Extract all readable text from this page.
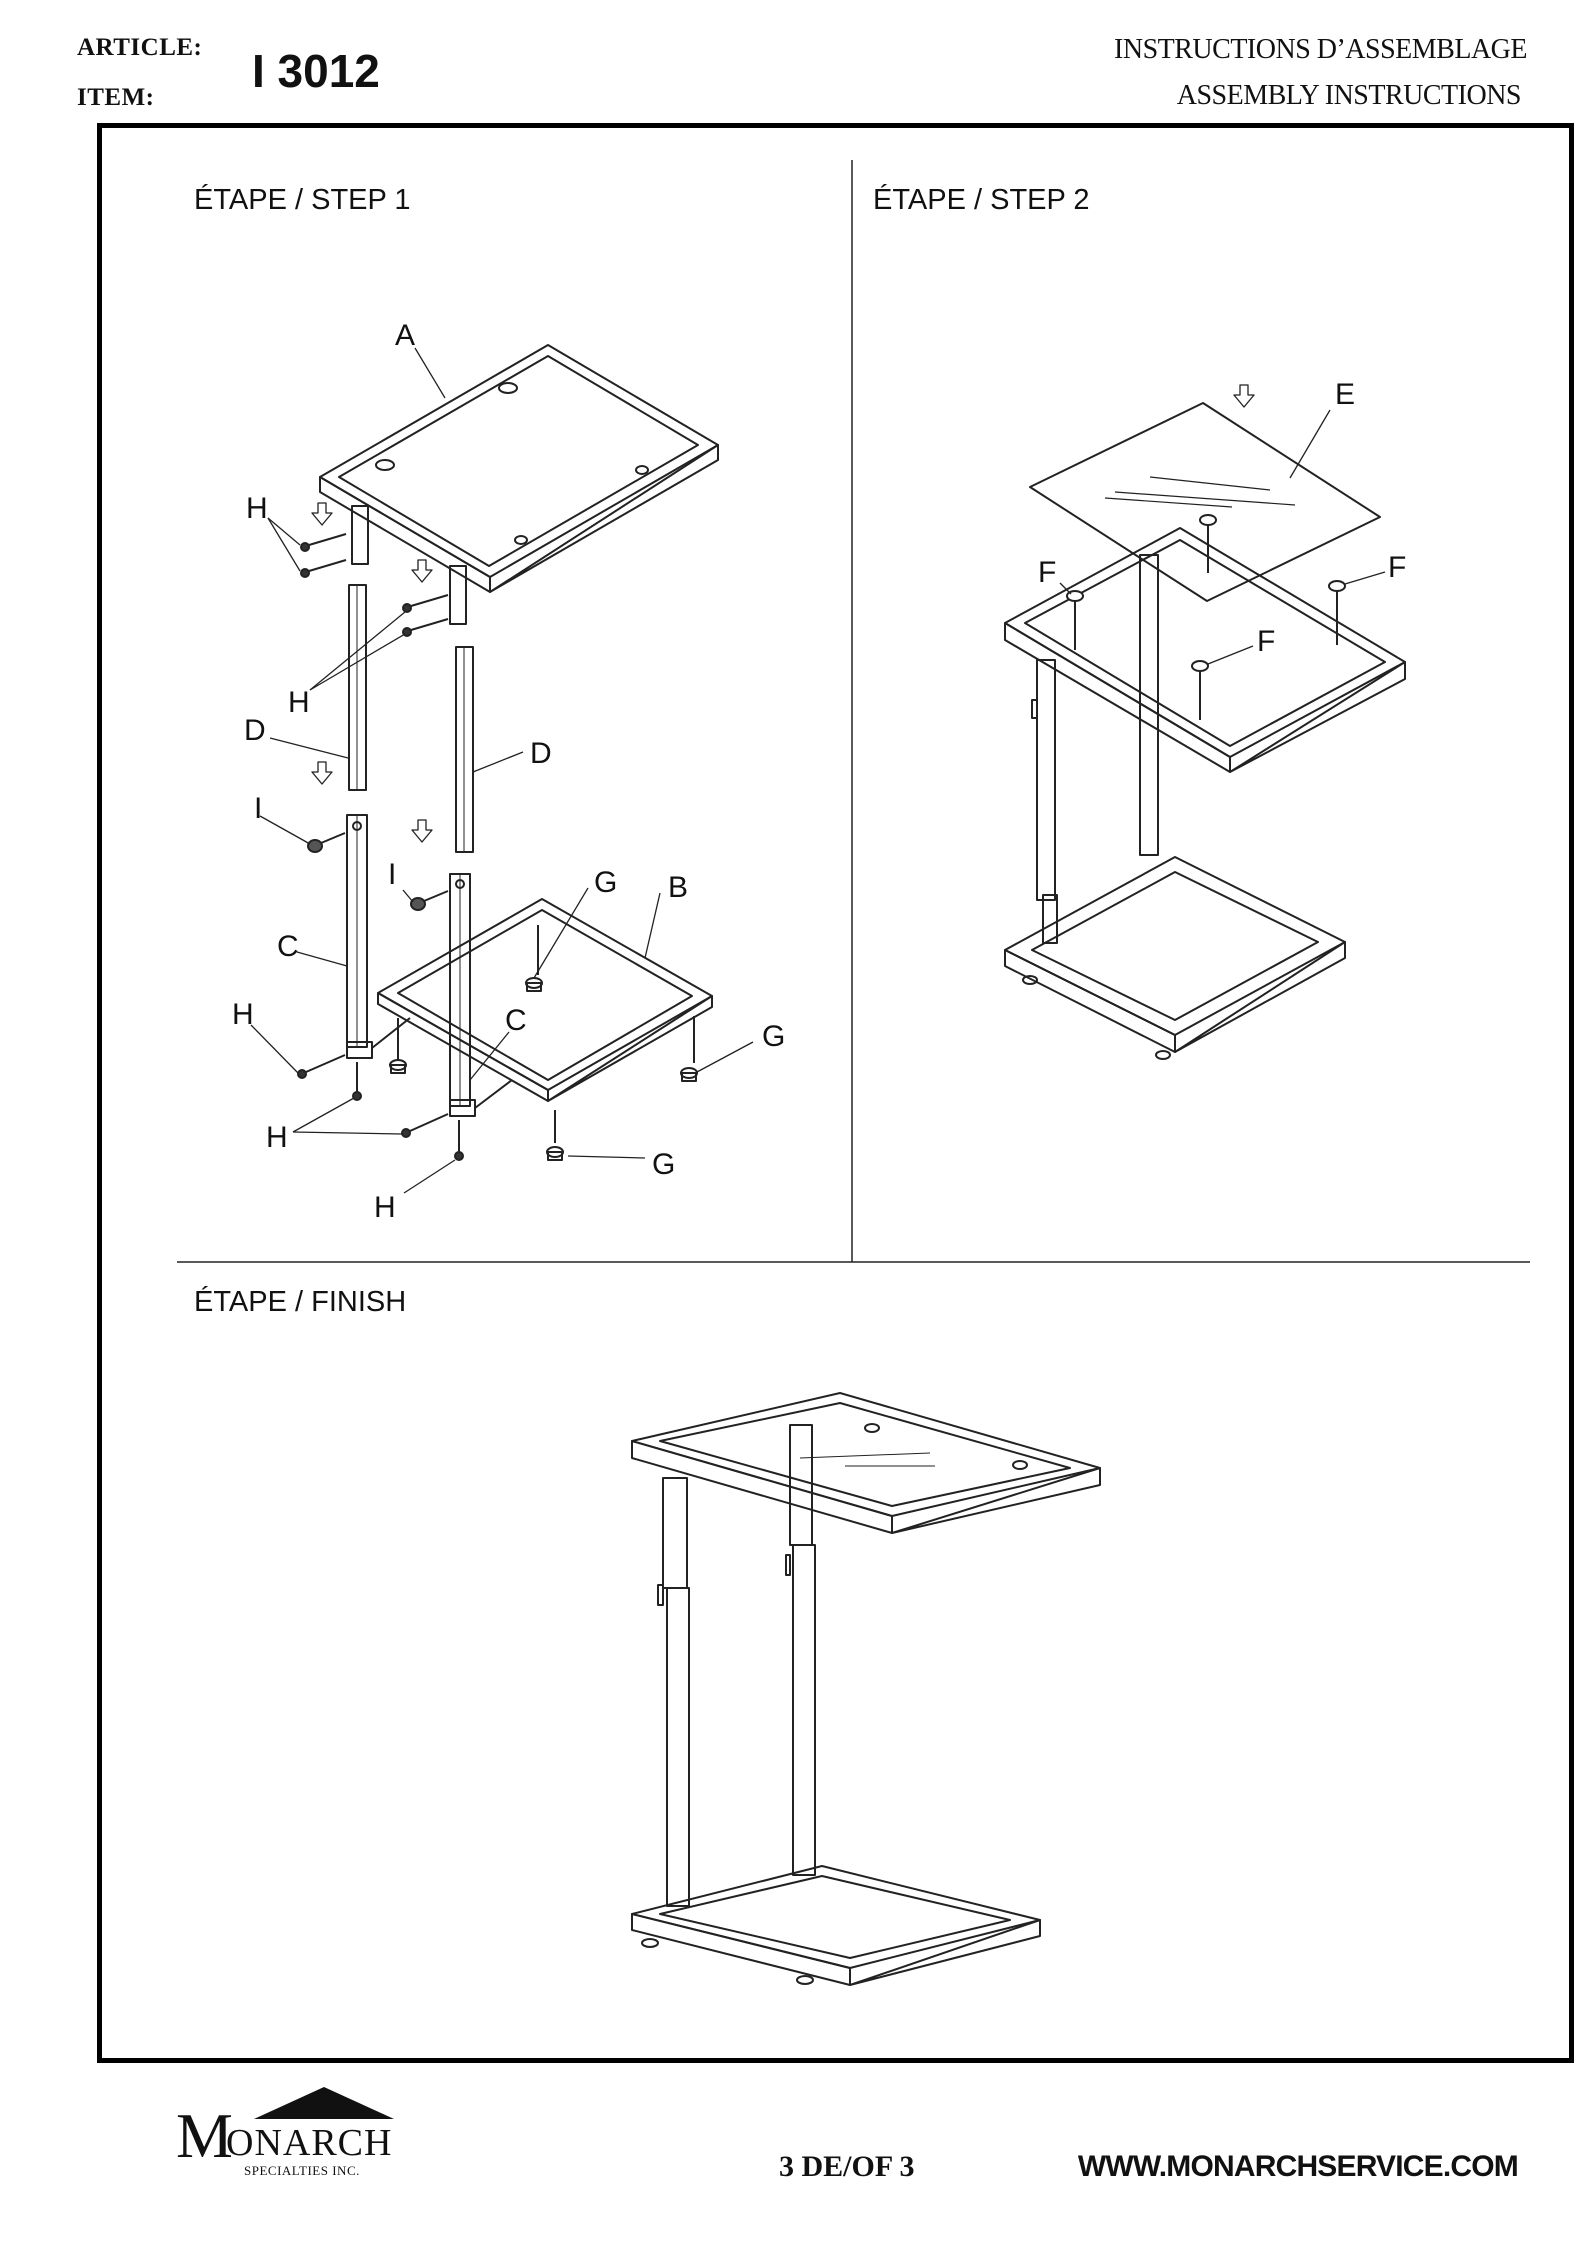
ARTICLE:
ITEM:
I 3012	INSTRUCTIONS D’ASSEMBLAGE
ASSEMBLY INSTRUCTIONS
A
H
H
D
D
I
I	G B
C
C
H
G
H
G
H
E
F	F
F
ÉTAPE / STEP 1	ÉTAPE / STEP 2
ÉTAPE / FINISH
M
ONARCH
SPECIALTIES INC.	3 DE/OF 3	WWW.MONARCHSERVICE.COM
